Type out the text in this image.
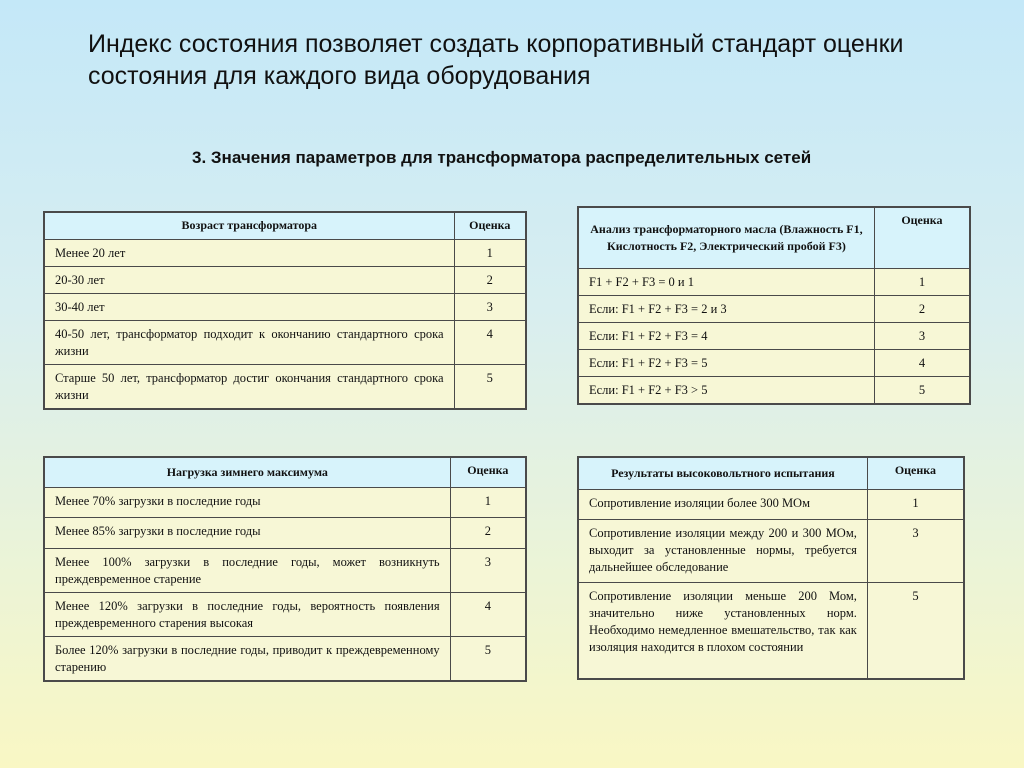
Индекс состояния позволяет создать корпоративный стандарт оценки состояния для каждого вида оборудования
3. Значения параметров для трансформатора распределительных сетей
Возраст трансформатора	Оценка
Менее 20 лет	1
20-30 лет	2
30-40 лет	3
40-50 лет, трансформатор подходит к окончанию стандартного срока жизни	4
Старше 50 лет, трансформатор достиг окончания стандартного срока жизни	5
Анализ трансформаторного масла (Влажность F1, Кислотность F2, Электрический пробой F3)	Оценка
F1 + F2 + F3 = 0 и 1	1
Если: F1 + F2 + F3 = 2 и 3	2
Если: F1 + F2 + F3 = 4	3
Если: F1 + F2 + F3 = 5	4
Если: F1 + F2 + F3 > 5	5
Нагрузка зимнего максимума	Оценка
Менее 70% загрузки в последние годы	1
Менее 85% загрузки в последние годы	2
Менее 100% загрузки в последние годы, может возникнуть преждевременное старение	3
Менее 120% загрузки в последние годы, вероятность появления преждевременного старения высокая	4
Более 120% загрузки в последние годы, приводит к преждевременному старению	5
Результаты высоковольтного испытания	Оценка
Сопротивление изоляции более 300 МОм	1
Сопротивление изоляции между 200 и 300 МОм, выходит за установленные нормы, требуется дальнейшее обследование	3
Сопротивление изоляции меньше 200 Мом, значительно ниже установленных норм. Необходимо немедленное вмешательство, так как изоляция находится в плохом состоянии	5
